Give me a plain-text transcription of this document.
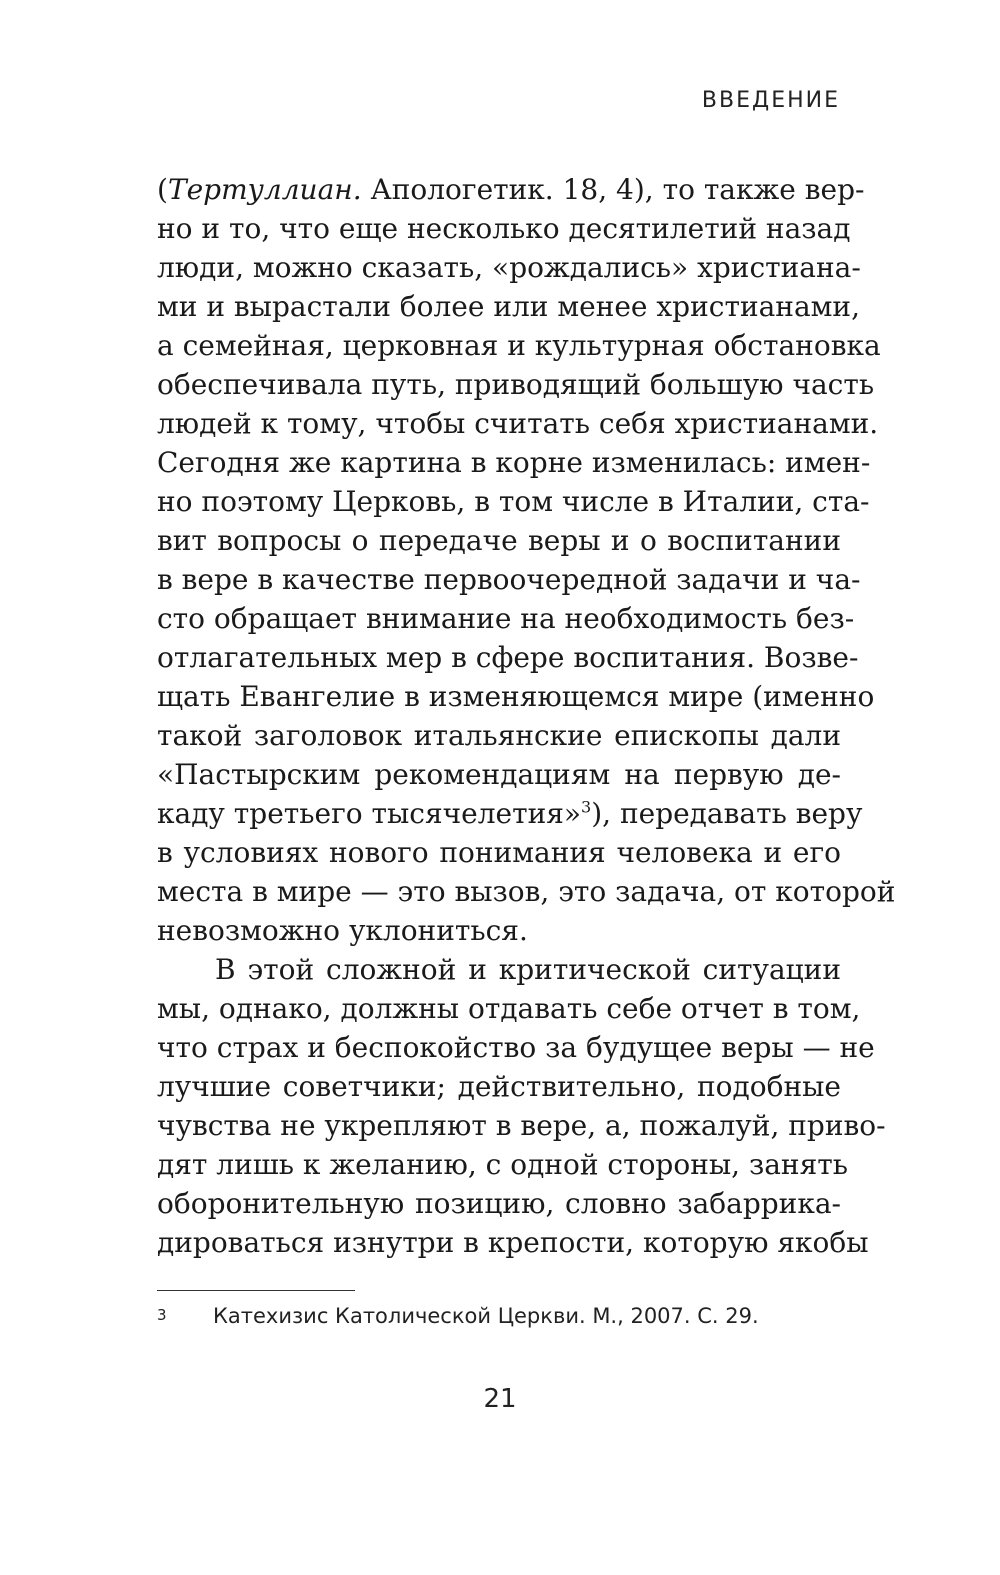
ВВЕДЕНИЕ
(Тертуллиан. Апологетик. 18, 4), то также вер-
но и то, что еще несколько десятилетий назад
люди, можно сказать, «рождались» христиана-
ми и вырастали более или менее христианами,
а семейная, церковная и культурная обстановка
обеспечивала путь, приводящий большую часть
людей к тому, чтобы считать себя христианами.
Сегодня же картина в корне изменилась: имен-
но поэтому Церковь, в том числе в Италии, ста-
вит вопросы о передаче веры и о воспитании
в вере в качестве первоочередной задачи и ча-
сто обращает внимание на необходимость без-
отлагательных мер в сфере воспитания. Возве-
щать Евангелие в изменяющемся мире (именно
такой заголовок итальянские епископы дали
«Пастырским рекомендациям на первую де-
каду третьего тысячелетия»$^3$), передавать веру
в условиях нового понимания человека и его
места в мире — это вызов, это задача, от которой
невозможно уклониться.
В этой сложной и критической ситуации
мы, однако, должны отдавать себе отчет в том,
что страх и беспокойство за будущее веры — не
лучшие советчики; действительно, подобные
чувства не укрепляют в вере, а, пожалуй, приво-
дят лишь к желанию, с одной стороны, занять
оборонительную позицию, словно забаррика-
дироваться изнутри в крепости, которую якобы
3 Катехизис Католической Церкви. М., 2007. С. 29.
21
